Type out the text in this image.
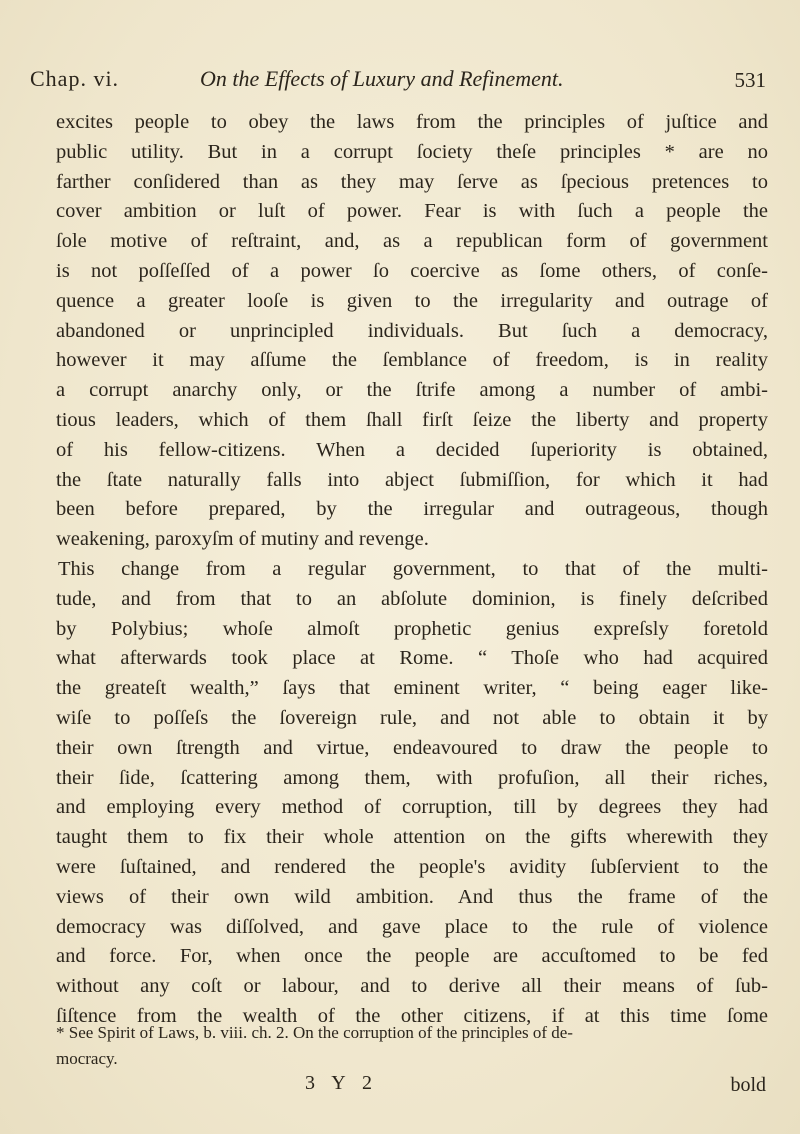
Chap. vi.	On the Effects of Luxury and Refinement.	531
excites people to obey the laws from the principles of juſtice and
public utility. But in a corrupt ſociety theſe principles * are no
farther conſidered than as they may ſerve as ſpecious pretences to
cover ambition or luſt of power. Fear is with ſuch a people the
ſole motive of reſtraint, and, as a republican form of government
is not poſſeſſed of a power ſo coercive as ſome others, of conſe-
quence a greater looſe is given to the irregularity and outrage of
abandoned or unprincipled individuals. But ſuch a democracy,
however it may aſſume the ſemblance of freedom, is in reality
a corrupt anarchy only, or the ſtrife among a number of ambi-
tious leaders, which of them ſhall firſt ſeize the liberty and property
of his fellow-citizens. When a decided ſuperiority is obtained,
the ſtate naturally falls into abject ſubmiſſion, for which it had
been before prepared, by the irregular and outrageous, though
weakening, paroxyſm of mutiny and revenge.
This change from a regular government, to that of the multi-
tude, and from that to an abſolute dominion, is finely deſcribed
by Polybius; whoſe almoſt prophetic genius expreſsly foretold
what afterwards took place at Rome. “ Thoſe who had acquired
the greateſt wealth,” ſays that eminent writer, “ being eager like-
wiſe to poſſeſs the ſovereign rule, and not able to obtain it by
their own ſtrength and virtue, endeavoured to draw the people to
their ſide, ſcattering among them, with profuſion, all their riches,
and employing every method of corruption, till by degrees they had
taught them to fix their whole attention on the gifts wherewith they
were ſuſtained, and rendered the people's avidity ſubſervient to the
views of their own wild ambition. And thus the frame of the
democracy was diſſolved, and gave place to the rule of violence
and force. For, when once the people are accuſtomed to be fed
without any coſt or labour, and to derive all their means of ſub-
ſiſtence from the wealth of the other citizens, if at this time ſome
* See Spirit of Laws, b. viii. ch. 2. On the corruption of the principles of de-
mocracy.
3 Y 2	bold
